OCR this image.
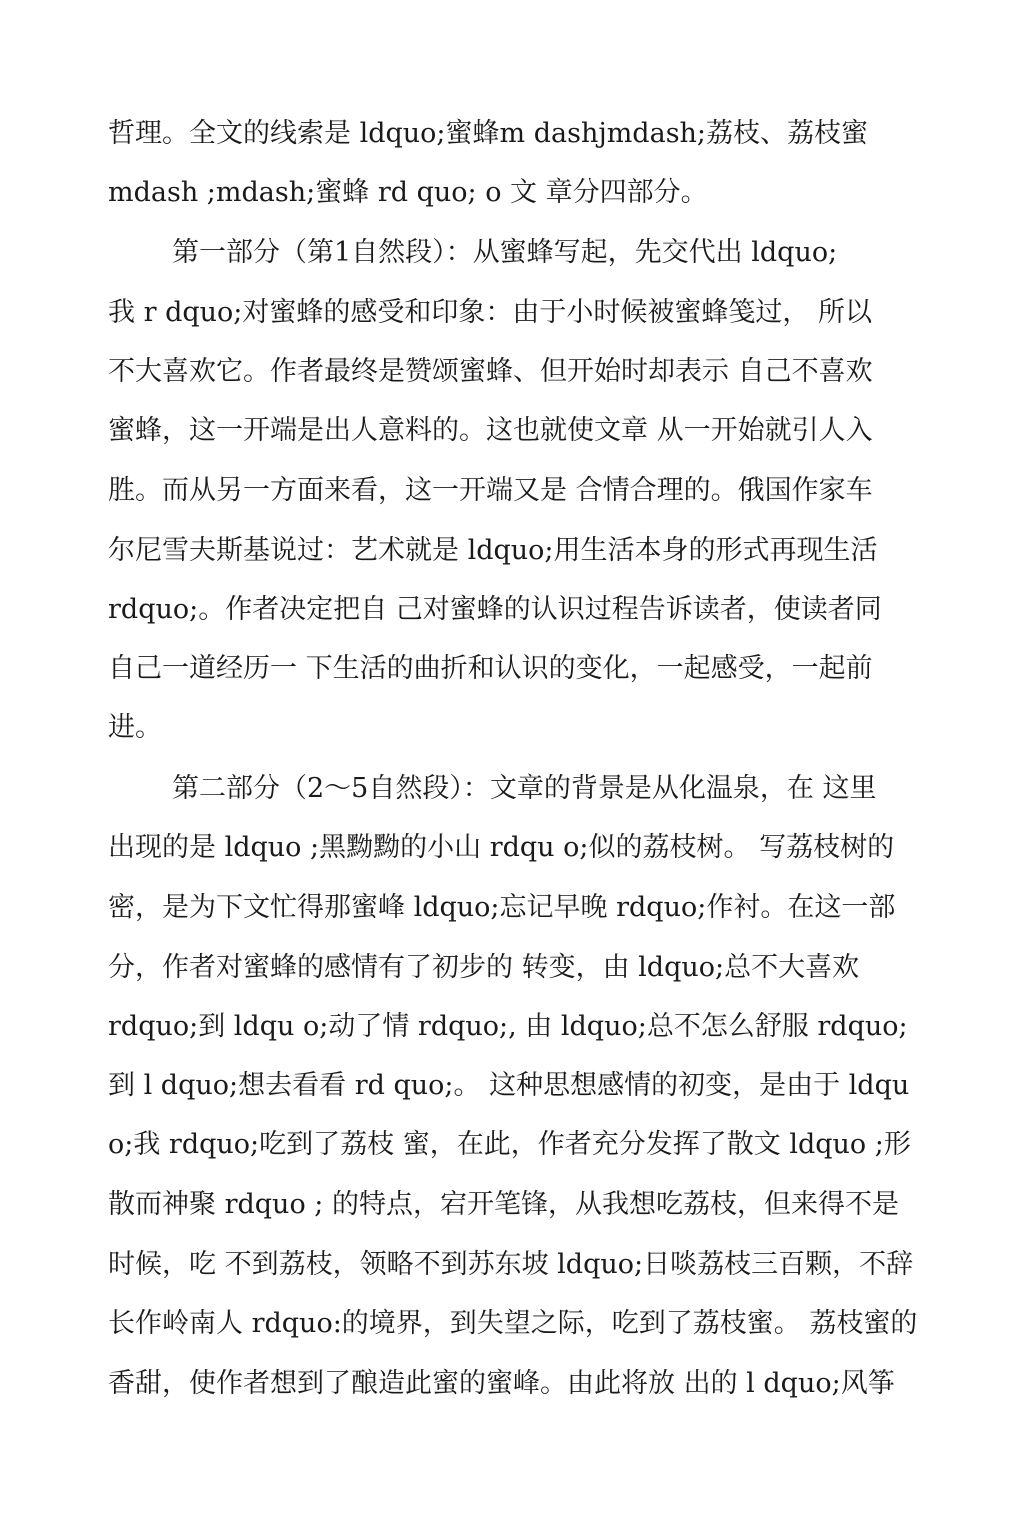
哲理。全文的线索是 ldquo;蜜蜂m dashjmdash;荔枝、荔枝蜜
mdash ;mdash;蜜蜂 rd quo; o 文 章分四部分。
第一部分（第1自然段）：从蜜蜂写起，先交代出 ldquo;
我 r dquo;对蜜蜂的感受和印象：由于小时候被蜜蜂笺过， 所以
不大喜欢它。作者最终是赞颂蜜蜂、但开始时却表示 自己不喜欢
蜜蜂，这一开端是出人意料的。这也就使文章 从一开始就引人入
胜。而从另一方面来看，这一开端又是 合情合理的。俄国作家车
尔尼雪夫斯基说过：艺术就是 ldquo;用生活本身的形式再现生活
rdquo;。作者决定把自 己对蜜蜂的认识过程告诉读者，使读者同
自己一道经历一 下生活的曲折和认识的变化，一起感受，一起前
进。
第二部分（2～5自然段）：文章的背景是从化温泉，在 这里
出现的是 ldquo ;黑黝黝的小山 rdqu o;似的荔枝树。 写荔枝树的
密，是为下文忙得那蜜峰 ldquo;忘记早晚 rdquo;作衬。在这一部
分，作者对蜜蜂的感情有了初步的 转变，由 ldquo;总不大喜欢
rdquo;到 ldqu o;动了情 rdquo;, 由 ldquo;总不怎么舒服 rdquo;
到 l dquo;想去看看 rd quo;。 这种思想感情的初变，是由于 ldqu
o;我 rdquo;吃到了荔枝 蜜，在此，作者充分发挥了散文 ldquo ;形
散而神聚 rdquo ; 的特点，宕开笔锋，从我想吃荔枝，但来得不是
时候，吃 不到荔枝，领略不到苏东坡 ldquo;日啖荔枝三百颗，不辞
长作岭南人 rdquo:的境界，到失望之际，吃到了荔枝蜜。 荔枝蜜的
香甜，使作者想到了酿造此蜜的蜜峰。由此将放 出的 l dquo;风筝
